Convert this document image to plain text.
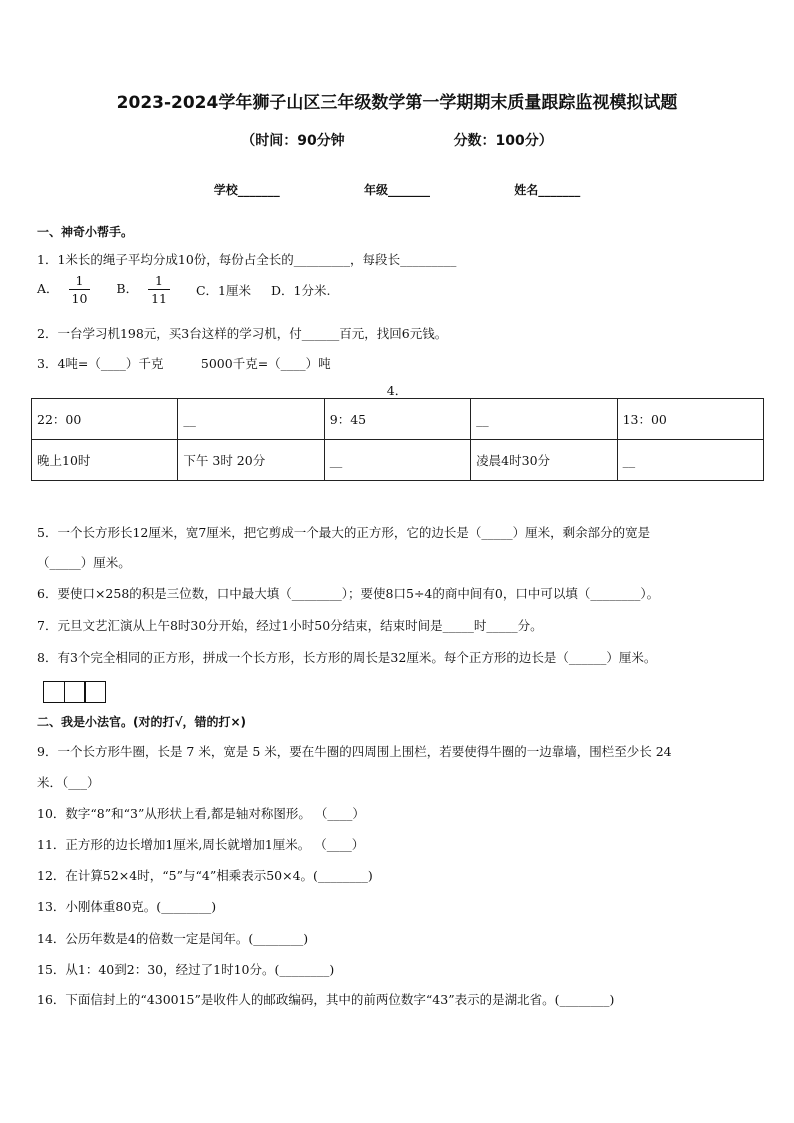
2023-2024学年狮子山区三年级数学第一学期期末质量跟踪监视模拟试题
（时间：90分钟	分数：100分）
学校_______	年级_______	姓名_______
一、神奇小帮手。
1．1米长的绳子平均分成10份，每份占全长的_________，每段长_________
A． $\frac{1}{10}$ B． $\frac{1}{11}$ C．1厘米 D．1分米.
2．一台学习机198元，买3台这样的学习机，付______百元，找回6元钱。
3．4吨=（____）千克　　　5000千克=（____）吨
4．
22：00	__	9：45	__	13：00
晚上10时	下午 3时 20分	__	凌晨4时30分	__
5．一个长方形长12厘米，宽7厘米，把它剪成一个最大的正方形，它的边长是（_____）厘米，剩余部分的宽是
（_____）厘米。
6．要使口×258的积是三位数，口中最大填（________）；要使8口5÷4的商中间有0，口中可以填（________）。
7．元旦文艺汇演从上午8时30分开始，经过1小时50分结束，结束时间是_____时_____分。
8．有3个完全相同的正方形，拼成一个长方形，长方形的周长是32厘米。每个正方形的边长是（______）厘米。
二、我是小法官。(对的打√，错的打×)
9．一个长方形牛圈，长是 7 米，宽是 5 米，要在牛圈的四周围上围栏，若要使得牛圈的一边靠墙，围栏至少长 24
米．（___）
10．数字“8”和“3”从形状上看,都是轴对称图形。 （____）
11．正方形的边长增加1厘米,周长就增加1厘米。 （____）
12．在计算52×4时，“5”与“4”相乘表示50×4。(________)
13．小刚体重80克。(________)
14．公历年数是4的倍数一定是闰年。(________)
15．从1：40到2：30，经过了1时10分。(________)
16．下面信封上的“430015”是收件人的邮政编码，其中的前两位数字“43”表示的是湖北省。(________)
